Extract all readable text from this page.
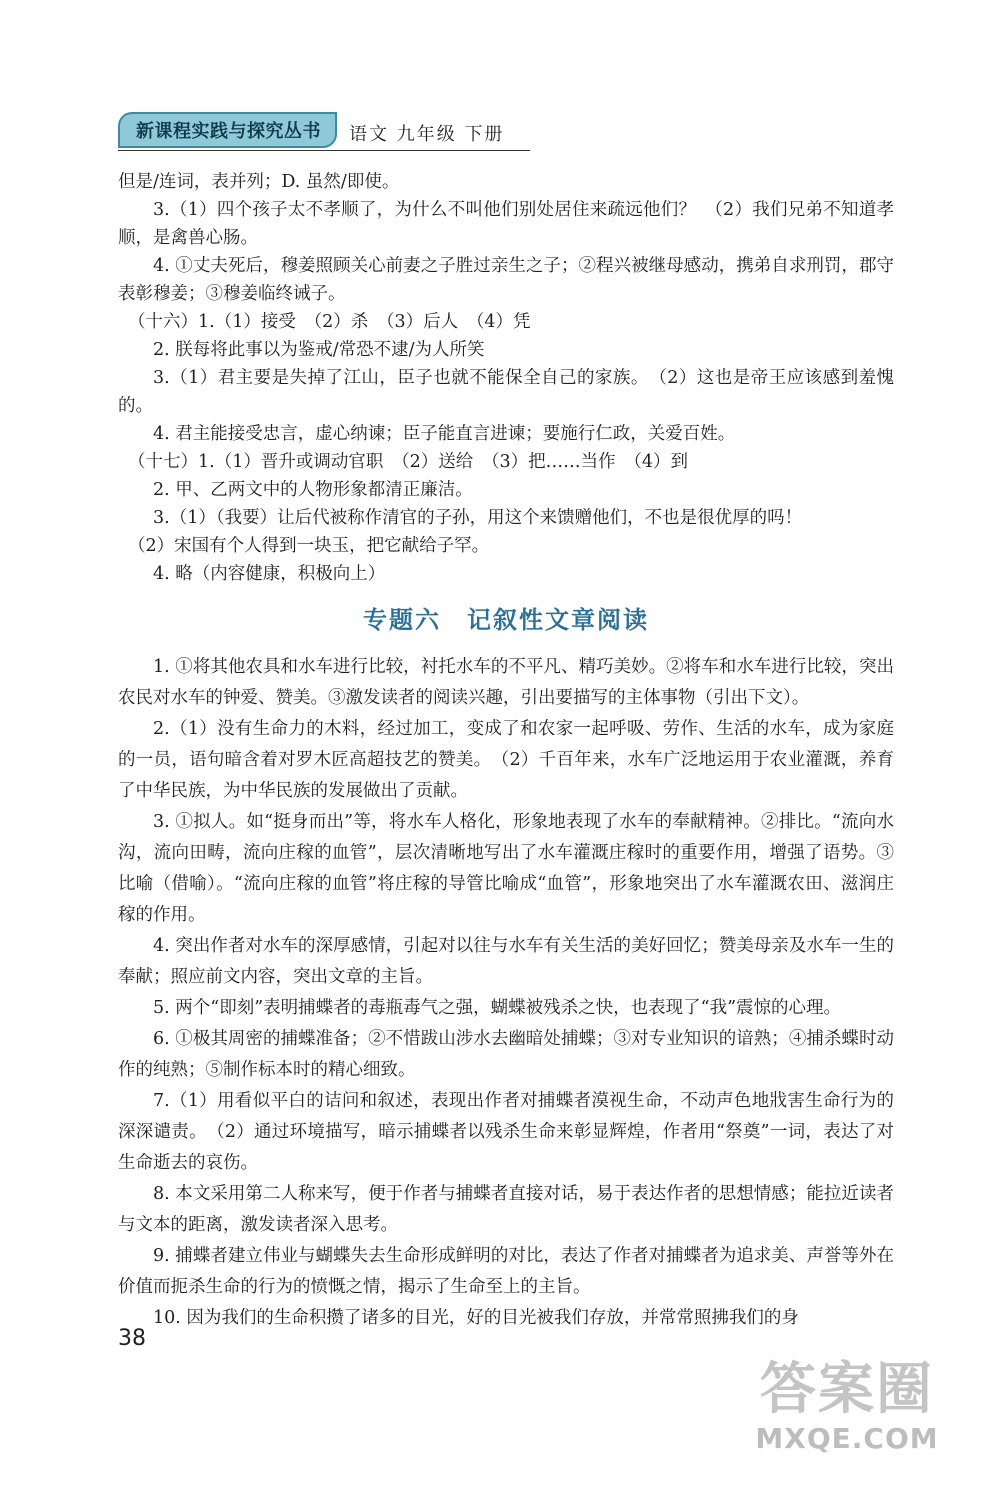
新课程实践与探究丛书	语文 九年级 下册

但是/连词，表并列；D. 虽然/即使。

3.（1）四个孩子太不孝顺了，为什么不叫他们别处居住来疏远他们？　（2）我们兄弟不知道孝顺，是禽兽心肠。

4. ①丈夫死后，穆姜照顾关心前妻之子胜过亲生之子；②程兴被继母感动，携弟自求刑罚，郡守表彰穆姜；③穆姜临终诫子。

（十六）1.（1）接受　（2）杀　（3）后人　（4）凭

2. 朕每将此事以为鉴戒/常恐不逮/为人所笑

3.（1）君主要是失掉了江山，臣子也就不能保全自己的家族。　（2）这也是帝王应该感到羞愧的。

4. 君主能接受忠言，虚心纳谏；臣子能直言进谏；要施行仁政，关爱百姓。

（十七）1.（1）晋升或调动官职　（2）送给　（3）把……当作　（4）到

2. 甲、乙两文中的人物形象都清正廉洁。

3.（1）（我要）让后代被称作清官的子孙，用这个来馈赠他们，不也是很优厚的吗！

（2）宋国有个人得到一块玉，把它献给子罕。

4. 略（内容健康，积极向上）

专题六　记叙性文章阅读

1. ①将其他农具和水车进行比较，衬托水车的不平凡、精巧美妙。②将车和水车进行比较，突出农民对水车的钟爱、赞美。③激发读者的阅读兴趣，引出要描写的主体事物（引出下文）。

2.（1）没有生命力的木料，经过加工，变成了和农家一起呼吸、劳作、生活的水车，成为家庭的一员，语句暗含着对罗木匠高超技艺的赞美。　（2）千百年来，水车广泛地运用于农业灌溉，养育了中华民族，为中华民族的发展做出了贡献。

3. ①拟人。如“挺身而出”等，将水车人格化，形象地表现了水车的奉献精神。②排比。“流向水沟，流向田畴，流向庄稼的血管”，层次清晰地写出了水车灌溉庄稼时的重要作用，增强了语势。③比喻（借喻）。“流向庄稼的血管”将庄稼的导管比喻成“血管”，形象地突出了水车灌溉农田、滋润庄稼的作用。

4. 突出作者对水车的深厚感情，引起对以往与水车有关生活的美好回忆；赞美母亲及水车一生的奉献；照应前文内容，突出文章的主旨。

5. 两个“即刻”表明捕蝶者的毒瓶毒气之强，蝴蝶被残杀之快，也表现了“我”震惊的心理。

6. ①极其周密的捕蝶准备；②不惜跋山涉水去幽暗处捕蝶；③对专业知识的谙熟；④捕杀蝶时动作的纯熟；⑤制作标本时的精心细致。

7.（1）用看似平白的诘问和叙述，表现出作者对捕蝶者漠视生命，不动声色地戕害生命行为的深深谴责。　（2）通过环境描写，暗示捕蝶者以残杀生命来彰显辉煌，作者用“祭奠”一词，表达了对生命逝去的哀伤。

8. 本文采用第二人称来写，便于作者与捕蝶者直接对话，易于表达作者的思想情感；能拉近读者与文本的距离，激发读者深入思考。

9. 捕蝶者建立伟业与蝴蝶失去生命形成鲜明的对比，表达了作者对捕蝶者为追求美、声誉等外在价值而扼杀生命的行为的愤慨之情，揭示了生命至上的主旨。

10. 因为我们的生命积攒了诸多的目光，好的目光被我们存放，并常常照拂我们的身

38
答案圈
MXQE.COM
